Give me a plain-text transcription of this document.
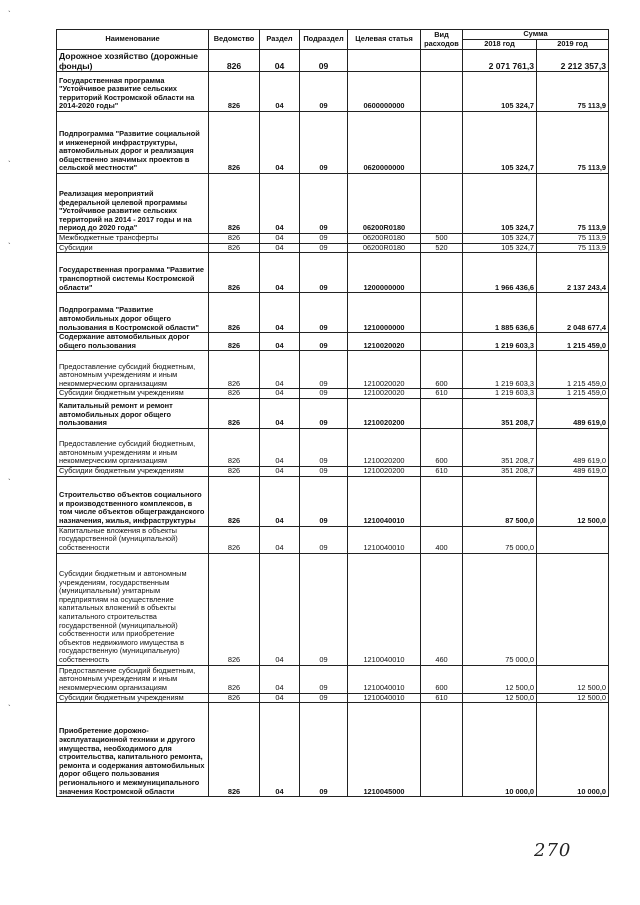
Наименование	Ведомство	Раздел	Подраздел	Целевая статья	Вид расходов	Сумма	
						2018 год	2019 год
Дорожное хозяйство (дорожные фонды)	826	04	09			2 071 761,3	2 212 357,3
Государственная программа "Устойчивое развитие сельских территорий Костромской области на 2014-2020 годы"	826	04	09	0600000000		105 324,7	75 113,9
Подпрограмма "Развитие социальной и инженерной инфраструктуры, автомобильных дорог и реализация общественно значимых проектов в сельской местности"	826	04	09	0620000000		105 324,7	75 113,9
Реализация мероприятий федеральной целевой программы "Устойчивое развитие сельских территорий на 2014 - 2017 годы и на период до 2020 года"	826	04	09	06200R0180		105 324,7	75 113,9
Межбюджетные трансферты	826	04	09	06200R0180	500	105 324,7	75 113,9
Субсидии	826	04	09	06200R0180	520	105 324,7	75 113,9
Государственная программа "Развитие транспортной системы Костромской области"	826	04	09	1200000000		1 966 436,6	2 137 243,4
Подпрограмма "Развитие автомобильных дорог общего пользования в Костромской области"	826	04	09	1210000000		1 885 636,6	2 048 677,4
Содержание автомобильных дорог общего пользования	826	04	09	1210020020		1 219 603,3	1 215 459,0
Предоставление субсидий бюджетным, автономным учреждениям и иным некоммерческим организациям	826	04	09	1210020020	600	1 219 603,3	1 215 459,0
Субсидии бюджетным учреждениям	826	04	09	1210020020	610	1 219 603,3	1 215 459,0
Капитальный ремонт и ремонт автомобильных дорог общего пользования	826	04	09	1210020200		351 208,7	489 619,0
Предоставление субсидий бюджетным, автономным учреждениям и иным некоммерческим организациям	826	04	09	1210020200	600	351 208,7	489 619,0
Субсидии бюджетным учреждениям	826	04	09	1210020200	610	351 208,7	489 619,0
Строительство объектов социального и производственного комплексов, в том числе объектов общегражданского назначения, жилья, инфраструктуры	826	04	09	1210040010		87 500,0	12 500,0
Капитальные вложения в объекты государственной (муниципальной) собственности	826	04	09	1210040010	400	75 000,0	
Субсидии бюджетным и автономным учреждениям, государственным (муниципальным) унитарным предприятиям на осуществление капитальных вложений в объекты капитального строительства государственной (муниципальной) собственности или приобретение объектов недвижимого имущества в государственную (муниципальную) собственность	826	04	09	1210040010	460	75 000,0	
Предоставление субсидий бюджетным, автономным учреждениям и иным некоммерческим организациям	826	04	09	1210040010	600	12 500,0	12 500,0
Субсидии бюджетным учреждениям	826	04	09	1210040010	610	12 500,0	12 500,0
Приобретение дорожно-эксплуатационной техники и другого имущества, необходимого для строительства, капитального ремонта, ремонта и содержания автомобильных дорог общего пользования регионального и межмуниципального значения Костромской области	826	04	09	1210045000		10 000,0	10 000,0
`
`
`
`
`
270
